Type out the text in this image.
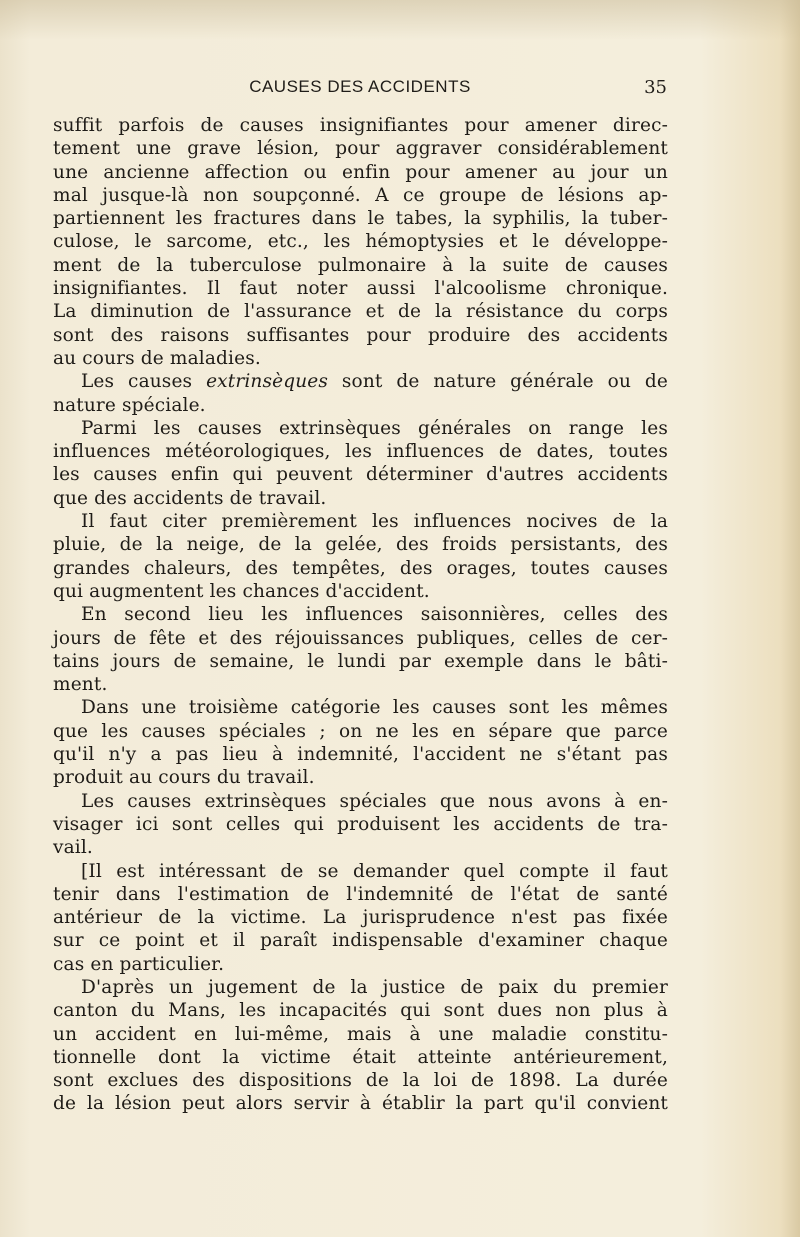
CAUSES DES ACCIDENTS	35
suffit parfois de causes insignifiantes pour amener direc-
tement une grave lésion, pour aggraver considérablement
une ancienne affection ou enfin pour amener au jour un
mal jusque-là non soupçonné. A ce groupe de lésions ap-
partiennent les fractures dans le tabes, la syphilis, la tuber-
culose, le sarcome, etc., les hémoptysies et le développe-
ment de la tuberculose pulmonaire à la suite de causes
insignifiantes. Il faut noter aussi l'alcoolisme chronique.
La diminution de l'assurance et de la résistance du corps
sont des raisons suffisantes pour produire des accidents
au cours de maladies.
Les causes extrinsèques sont de nature générale ou de
nature spéciale.
Parmi les causes extrinsèques générales on range les
influences météorologiques, les influences de dates, toutes
les causes enfin qui peuvent déterminer d'autres accidents
que des accidents de travail.
Il faut citer premièrement les influences nocives de la
pluie, de la neige, de la gelée, des froids persistants, des
grandes chaleurs, des tempêtes, des orages, toutes causes
qui augmentent les chances d'accident.
En second lieu les influences saisonnières, celles des
jours de fête et des réjouissances publiques, celles de cer-
tains jours de semaine, le lundi par exemple dans le bâti-
ment.
Dans une troisième catégorie les causes sont les mêmes
que les causes spéciales ; on ne les en sépare que parce
qu'il n'y a pas lieu à indemnité, l'accident ne s'étant pas
produit au cours du travail.
Les causes extrinsèques spéciales que nous avons à en-
visager ici sont celles qui produisent les accidents de tra-
vail.
[Il est intéressant de se demander quel compte il faut
tenir dans l'estimation de l'indemnité de l'état de santé
antérieur de la victime. La jurisprudence n'est pas fixée
sur ce point et il paraît indispensable d'examiner chaque
cas en particulier.
D'après un jugement de la justice de paix du premier
canton du Mans, les incapacités qui sont dues non plus à
un accident en lui-même, mais à une maladie constitu-
tionnelle dont la victime était atteinte antérieurement,
sont exclues des dispositions de la loi de 1898. La durée
de la lésion peut alors servir à établir la part qu'il convient
